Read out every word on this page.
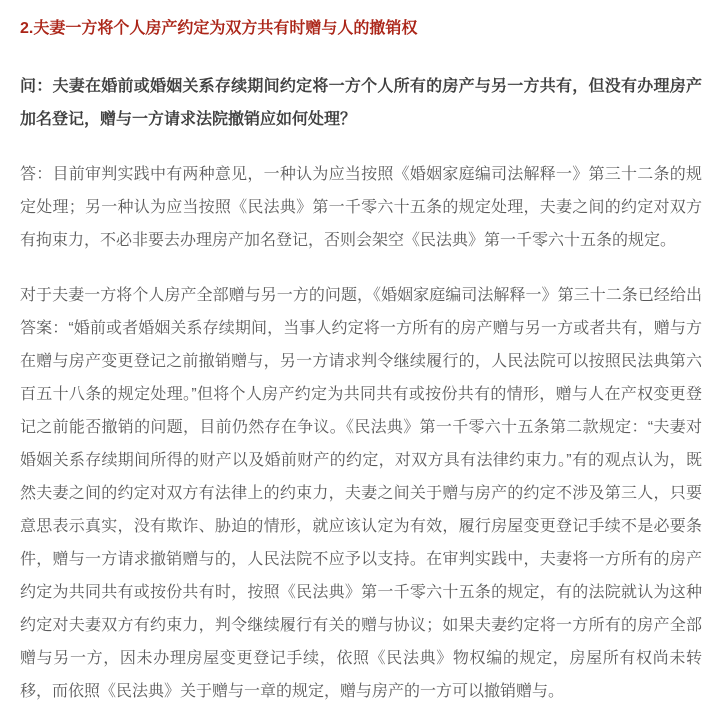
2.夫妻一方将个人房产约定为双方共有时赠与人的撤销权

问：夫妻在婚前或婚姻关系存续期间约定将一方个人所有的房产与另一方共有，但没有办理房产加名登记，赠与一方请求法院撤销应如何处理？

答：目前审判实践中有两种意见，一种认为应当按照《婚姻家庭编司法解释一》第三十二条的规定处理；另一种认为应当按照《民法典》第一千零六十五条的规定处理，夫妻之间的约定对双方有拘束力，不必非要去办理房产加名登记，否则会架空《民法典》第一千零六十五条的规定。

对于夫妻一方将个人房产全部赠与另一方的问题，《婚姻家庭编司法解释一》第三十二条已经给出答案：“婚前或者婚姻关系存续期间，当事人约定将一方所有的房产赠与另一方或者共有，赠与方在赠与房产变更登记之前撤销赠与，另一方请求判令继续履行的，人民法院可以按照民法典第六百五十八条的规定处理。”但将个人房产约定为共同共有或按份共有的情形，赠与人在产权变更登记之前能否撤销的问题，目前仍然存在争议。《民法典》第一千零六十五条第二款规定：“夫妻对婚姻关系存续期间所得的财产以及婚前财产的约定，对双方具有法律约束力。”有的观点认为，既然夫妻之间的约定对双方有法律上的约束力，夫妻之间关于赠与房产的约定不涉及第三人，只要意思表示真实，没有欺诈、胁迫的情形，就应该认定为有效，履行房屋变更登记手续不是必要条件，赠与一方请求撤销赠与的，人民法院不应予以支持。在审判实践中，夫妻将一方所有的房产约定为共同共有或按份共有时，按照《民法典》第一千零六十五条的规定，有的法院就认为这种约定对夫妻双方有约束力，判令继续履行有关的赠与协议；如果夫妻约定将一方所有的房产全部赠与另一方，因未办理房屋变更登记手续，依照《民法典》物权编的规定，房屋所有权尚未转移，而依照《民法典》关于赠与一章的规定，赠与房产的一方可以撤销赠与。
